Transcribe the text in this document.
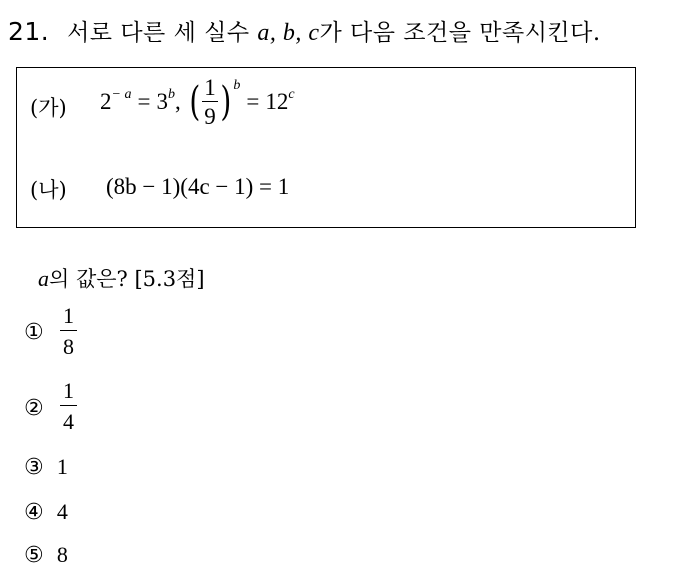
21. 서로 다른 세 실수 a, b, c가 다음 조건을 만족시킨다.
(가) 2 $^{- a}$ = 3 $^b$ , ( $\frac{1}{9}$ ) $^b$
= 12 $^c$
(나) (8b − 1)(4c − 1) = 1
a의 값은? [5.3점]
① $\frac{1}{8}$
② $\frac{1}{4}$
③ 1
④ 4
⑤ 8
